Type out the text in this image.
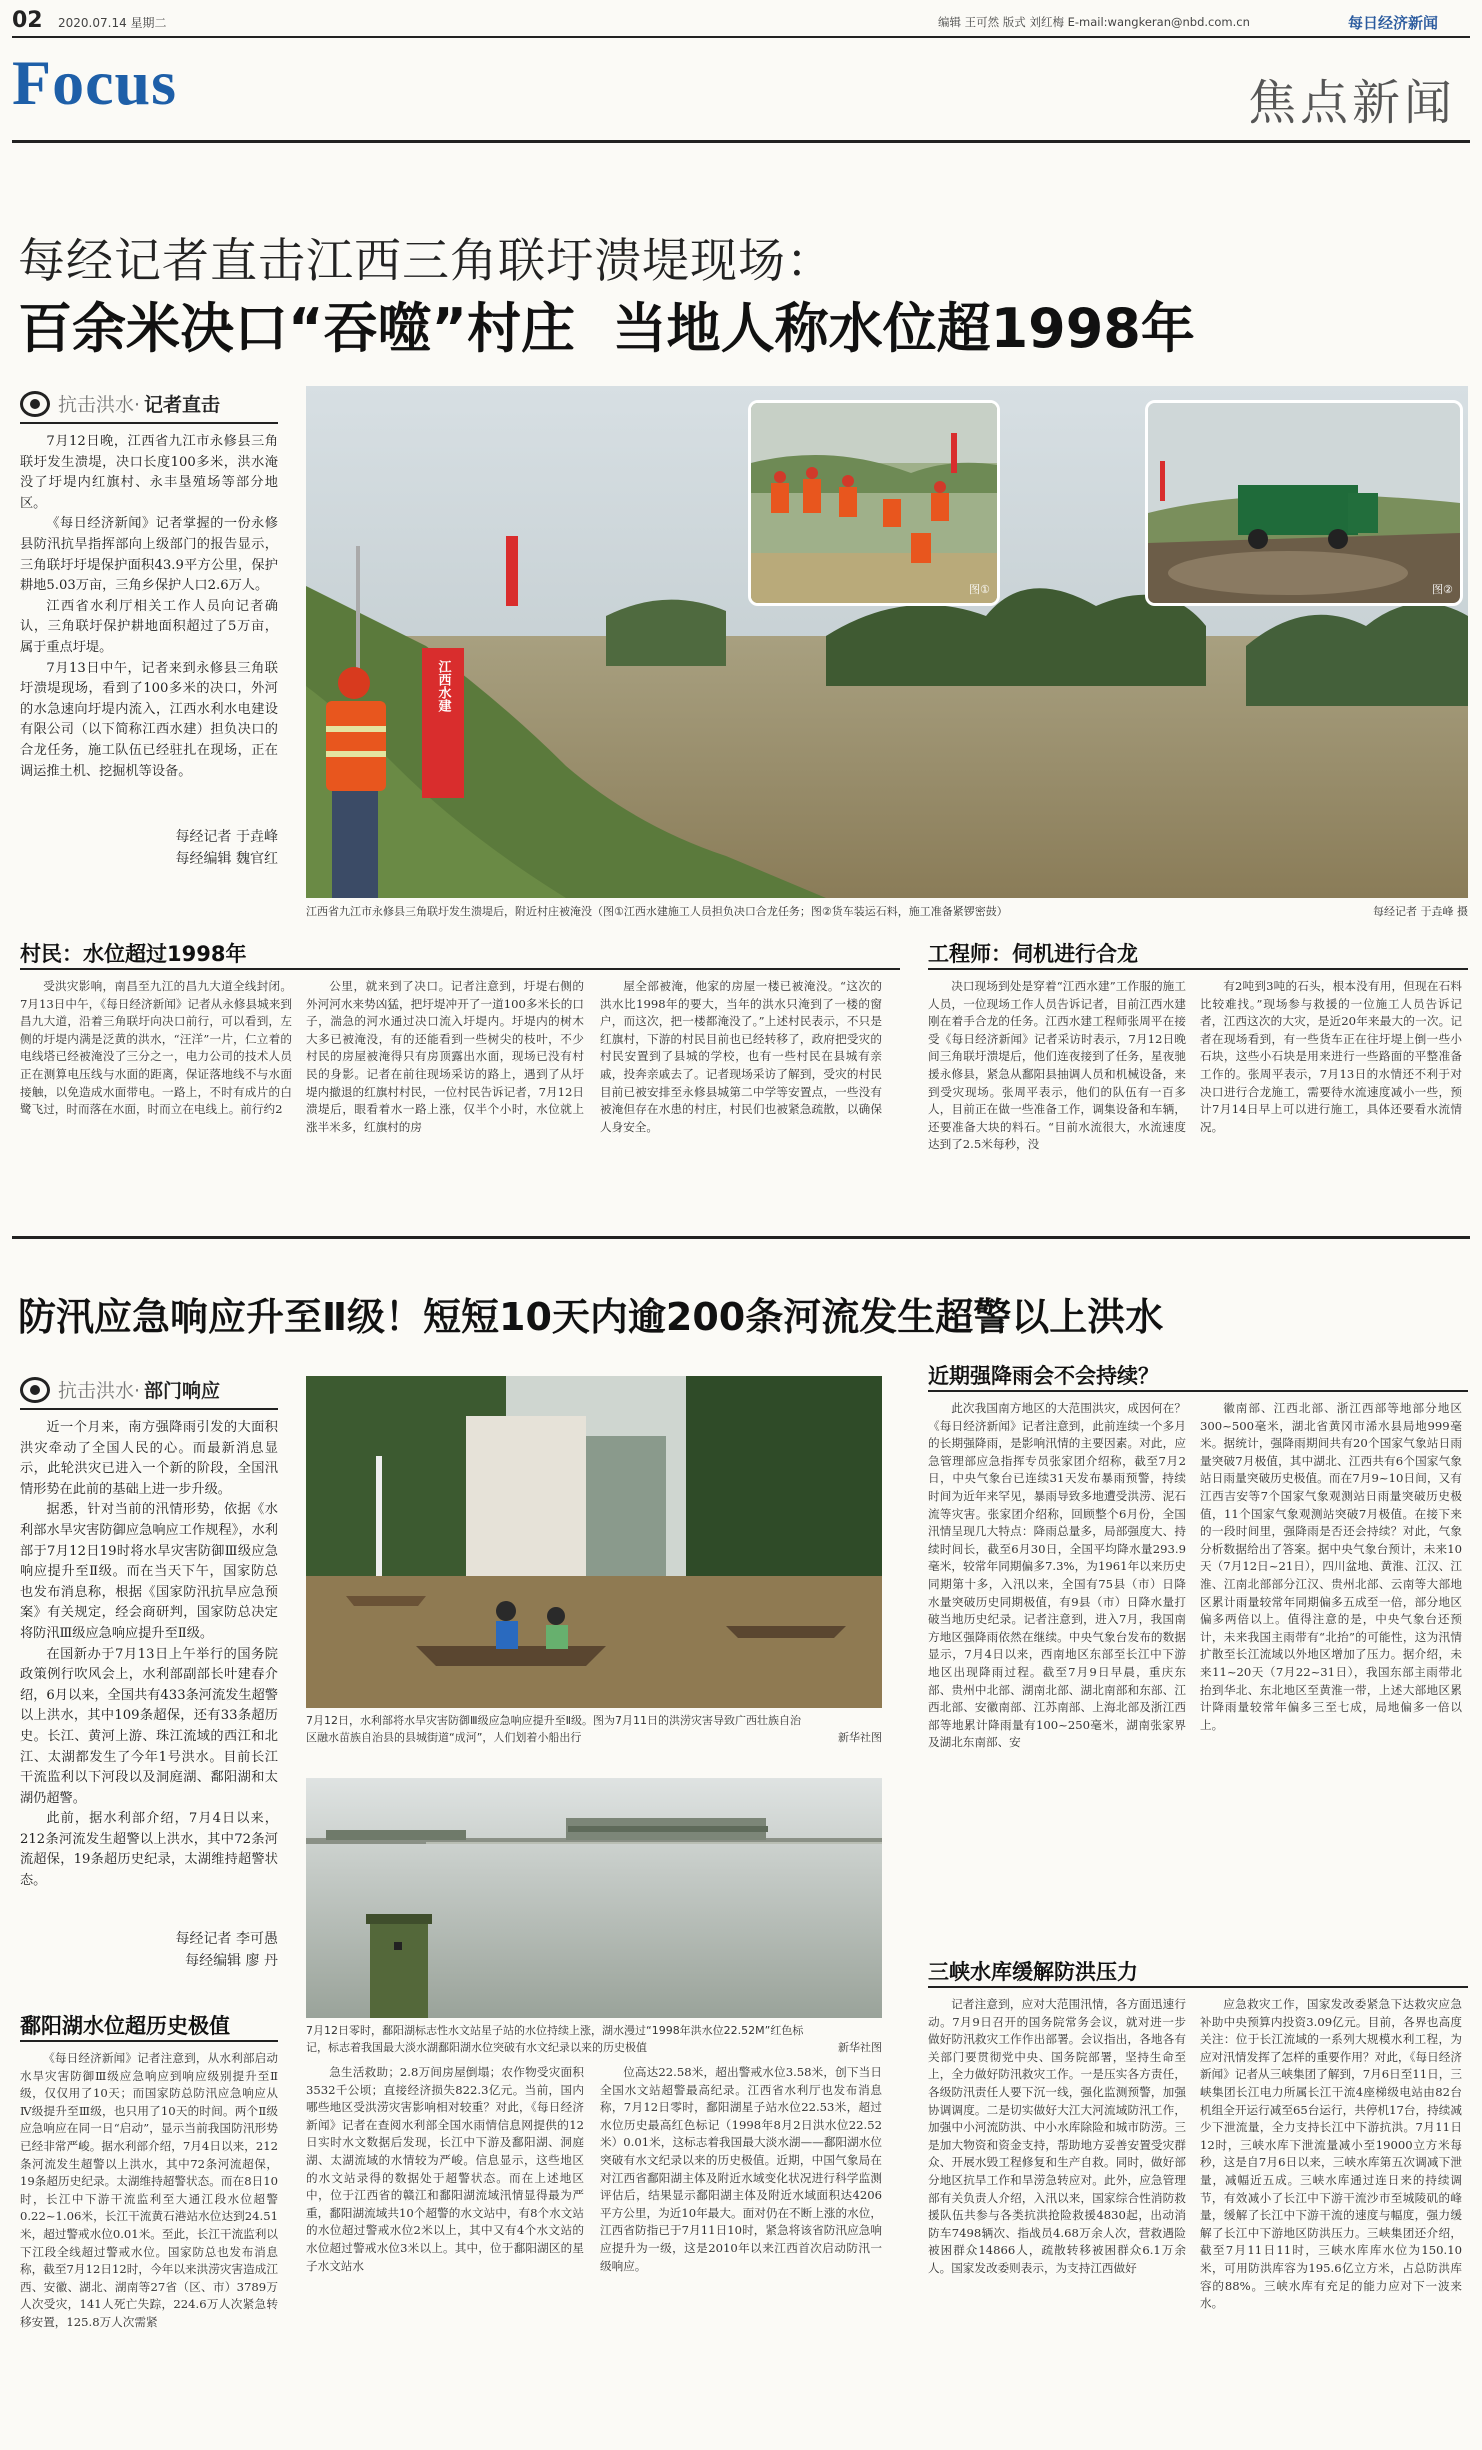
02 2020.07.14 星期二	编辑 王可然 版式 刘红梅 E-mail:wangkeran@nbd.com.cn	每日经济新闻
Focus	焦点新闻
每经记者直击江西三角联圩溃堤现场：
百余米决口“吞噬”村庄  当地人称水位超1998年
抗击洪水· 记者直击

7月12日晚，江西省九江市永修县三角联圩发生溃堤，决口长度100多米，洪水淹没了圩堤内红旗村、永丰垦殖场等部分地区。

《每日经济新闻》记者掌握的一份永修县防汛抗旱指挥部向上级部门的报告显示，三角联圩圩堤保护面积43.9平方公里，保护耕地5.03万亩，三角乡保护人口2.6万人。

江西省水利厅相关工作人员向记者确认，三角联圩保护耕地面积超过了5万亩，属于重点圩堤。

7月13日中午，记者来到永修县三角联圩溃堤现场，看到了100多米的决口，外河的水急速向圩堤内流入，江西水利水电建设有限公司（以下简称江西水建）担负决口的合龙任务，施工队伍已经驻扎在现场，正在调运推土机、挖掘机等设备。

每经记者 于垚峰
每经编辑 魏官红
江西水建
图①	图②
江西省九江市永修县三角联圩发生溃堤后，附近村庄被淹没（图①江西水建施工人员担负决口合龙任务；图②货车装运石料，施工准备紧锣密鼓）	每经记者 于垚峰 摄
村民：水位超过1998年

受洪灾影响，南昌至九江的昌九大道全线封闭。7月13日中午，《每日经济新闻》记者从永修县城来到昌九大道，沿着三角联圩向决口前行，可以看到，左侧的圩堤内满是泛黄的洪水，“汪洋”一片，仁立着的电线塔已经被淹没了三分之一，电力公司的技术人员正在测算电压线与水面的距离，保证落地线不与水面接触，以免造成水面带电。一路上，不时有成片的白鹭飞过，时而落在水面，时而立在电线上。前行约2

公里，就来到了决口。记者注意到，圩堤右侧的外河河水来势凶猛，把圩堤冲开了一道100多米长的口子，湍急的河水通过决口流入圩堤内。圩堤内的树木大多已被淹没，有的还能看到一些树尖的枝叶，不少村民的房屋被淹得只有房顶露出水面，现场已没有村民的身影。记者在前往现场采访的路上，遇到了从圩堤内撤退的红旗村村民，一位村民告诉记者，7月12日溃堤后，眼看着水一路上涨，仅半个小时，水位就上涨半米多，红旗村的房

屋全部被淹，他家的房屋一楼已被淹没。“这次的洪水比1998年的要大，当年的洪水只淹到了一楼的窗户，而这次，把一楼都淹没了。”上述村民表示，不只是红旗村，下游的村民目前也已经转移了，政府把受灾的村民安置到了县城的学校，也有一些村民在县城有亲戚，投奔亲戚去了。记者现场采访了解到，受灾的村民目前已被安排至永修县城第二中学等安置点，一些没有被淹但存在水患的村庄，村民们也被紧急疏散，以确保人身安全。

工程师：伺机进行合龙

决口现场到处是穿着“江西水建”工作服的施工人员，一位现场工作人员告诉记者，目前江西水建刚在着手合龙的任务。江西水建工程师张周平在接受《每日经济新闻》记者采访时表示，7月12日晚间三角联圩溃堤后，他们连夜接到了任务，星夜驰援永修县，紧急从鄱阳县抽调人员和机械设备，来到受灾现场。张周平表示，他们的队伍有一百多人，目前正在做一些准备工作，调集设备和车辆，还要准备大块的料石。“目前水流很大，水流速度达到了2.5米每秒，没

有2吨到3吨的石头，根本没有用，但现在石料比较难找。”现场参与救援的一位施工人员告诉记者，江西这次的大灾，是近20年来最大的一次。记者在现场看到，有一些货车正在往圩堤上倒一些小石块，这些小石块是用来进行一些路面的平整准备工作的。张周平表示，7月13日的水情还不利于对决口进行合龙施工，需要待水流速度减小一些，预计7月14日早上可以进行施工，具体还要看水流情况。

防汛应急响应升至Ⅱ级！短短10天内逾200条河流发生超警以上洪水
抗击洪水· 部门响应

近一个月来，南方强降雨引发的大面积洪灾牵动了全国人民的心。而最新消息显示，此轮洪灾已进入一个新的阶段，全国汛情形势在此前的基础上进一步升级。

据悉，针对当前的汛情形势，依据《水利部水旱灾害防御应急响应工作规程》，水利部于7月12日19时将水旱灾害防御Ⅲ级应急响应提升至Ⅱ级。而在当天下午，国家防总也发布消息称，根据《国家防汛抗旱应急预案》有关规定，经会商研判，国家防总决定将防汛Ⅲ级应急响应提升至Ⅱ级。

在国新办于7月13日上午举行的国务院政策例行吹风会上，水利部副部长叶建春介绍，6月以来，全国共有433条河流发生超警以上洪水，其中109条超保，还有33条超历史。长江、黄河上游、珠江流域的西江和北江、太湖都发生了今年1号洪水。目前长江干流监利以下河段以及洞庭湖、鄱阳湖和太湖仍超警。

此前，据水利部介绍，7月4日以来，212条河流发生超警以上洪水，其中72条河流超保，19条超历史纪录，太湖维持超警状态。

每经记者 李可愚
每经编辑 廖 丹
7月12日，水利部将水旱灾害防御Ⅲ级应急响应提升至Ⅱ级。图为7月11日的洪涝灾害导致广西壮族自治区融水苗族自治县的县城街道“成河”，人们划着小船出行	新华社图
7月12日零时，鄱阳湖标志性水文站星子站的水位持续上涨，湖水漫过“1998年洪水位22.52M”红色标记，标志着我国最大淡水湖鄱阳湖水位突破有水文纪录以来的历史极值	新华社图
鄱阳湖水位超历史极值

《每日经济新闻》记者注意到，从水利部启动水旱灾害防御Ⅲ级应急响应到响应级别提升至Ⅱ级，仅仅用了10天；而国家防总防汛应急响应从Ⅳ级提升至Ⅲ级，也只用了10天的时间。两个Ⅱ级应急响应在同一日“启动”，显示当前我国防汛形势已经非常严峻。据水利部介绍，7月4日以来，212条河流发生超警以上洪水，其中72条河流超保，19条超历史纪录。太湖维持超警状态。而在8日10时，长江中下游干流监利至大通江段水位超警0.22~1.06米，长江干流黄石港站水位达到24.51米，超过警戒水位0.01米。至此，长江干流监利以下江段全线超过警戒水位。国家防总也发布消息称，截至7月12日12时，今年以来洪涝灾害造成江西、安徽、湖北、湖南等27省（区、市）3789万人次受灾，141人死亡失踪，224.6万人次紧急转移安置，125.8万人次需紧

急生活救助；2.8万间房屋倒塌；农作物受灾面积3532千公顷；直接经济损失822.3亿元。当前，国内哪些地区受洪涝灾害影响相对较重？对此，《每日经济新闻》记者在查阅水利部全国水雨情信息网提供的12日实时水文数据后发现，长江中下游及鄱阳湖、洞庭湖、太湖流域的水情较为严峻。信息显示，这些地区的水文站录得的数据处于超警状态。而在上述地区中，位于江西省的赣江和鄱阳湖流域汛情显得最为严重，鄱阳湖流域共10个超警的水文站中，有8个水文站的水位超过警戒水位2米以上，其中又有4个水文站的水位超过警戒水位3米以上。其中，位于鄱阳湖区的星子水文站水

位高达22.58米，超出警戒水位3.58米，创下当日全国水文站超警最高纪录。江西省水利厅也发布消息称，7月12日零时，鄱阳湖星子站水位22.53米，超过水位历史最高红色标记（1998年8月2日洪水位22.52米）0.01米，这标志着我国最大淡水湖——鄱阳湖水位突破有水文纪录以来的历史极值。近期，中国气象局在对江西省鄱阳湖主体及附近水域变化状况进行科学监测评估后，结果显示鄱阳湖主体及附近水域面积达4206平方公里，为近10年最大。面对仍在不断上涨的水位，江西省防指已于7月11日10时，紧急将该省防汛应急响应提升为一级，这是2010年以来江西首次启动防汛一级响应。

近期强降雨会不会持续？

此次我国南方地区的大范围洪灾，成因何在？《每日经济新闻》记者注意到，此前连续一个多月的长期强降雨，是影响汛情的主要因素。对此，应急管理部应急指挥专员张家团介绍称，截至7月2日，中央气象台已连续31天发布暴雨预警，持续时间为近年来罕见，暴雨导致多地遭受洪涝、泥石流等灾害。张家团介绍称，回顾整个6月份，全国汛情呈现几大特点：降雨总量多，局部强度大、持续时间长，截至6月30日，全国平均降水量293.9毫米，较常年同期偏多7.3%，为1961年以来历史同期第十多，入汛以来，全国有75县（市）日降水量突破历史同期极值，有9县（市）日降水量打破当地历史纪录。记者注意到，进入7月，我国南方地区强降雨依然在继续。中央气象台发布的数据显示，7月4日以来，西南地区东部至长江中下游地区出现降雨过程。截至7月9日早晨，重庆东部、贵州中北部、湖南北部、湖北南部和东部、江西北部、安徽南部、江苏南部、上海北部及浙江西部等地累计降雨量有100~250毫米，湖南张家界及湖北东南部、安

徽南部、江西北部、浙江西部等地部分地区300~500毫米，湖北省黄冈市浠水县局地999毫米。据统计，强降雨期间共有20个国家气象站日雨量突破7月极值，其中湖北、江西共有6个国家气象站日雨量突破历史极值。而在7月9~10日间，又有江西吉安等7个国家气象观测站日雨量突破历史极值，11个国家气象观测站突破7月极值。在接下来的一段时间里，强降雨是否还会持续？对此，气象分析数据给出了答案。据中央气象台预计，未来10天（7月12日~21日），四川盆地、黄淮、江汉、江淮、江南北部部分江汉、贵州北部、云南等大部地区累计雨量较常年同期偏多五成至一倍，部分地区偏多两倍以上。值得注意的是，中央气象台还预计，未来我国主雨带有“北抬”的可能性，这为汛情扩散至长江流域以外地区增加了压力。据介绍，未来11~20天（7月22~31日），我国东部主雨带北抬到华北、东北地区至黄淮一带，上述大部地区累计降雨量较常年偏多三至七成，局地偏多一倍以上。

三峡水库缓解防洪压力

记者注意到，应对大范围汛情，各方面迅速行动。7月9日召开的国务院常务会议，就对进一步做好防汛救灾工作作出部署。会议指出，各地各有关部门要贯彻党中央、国务院部署，坚持生命至上，全力做好防汛救灾工作。一是压实各方责任，各级防汛责任人要下沉一线，强化监测预警，加强协调调度。二是切实做好大江大河流域防汛工作，加强中小河流防洪、中小水库除险和城市防涝。三是加大物资和资金支持，帮助地方妥善安置受灾群众、开展水毁工程修复和生产自救。同时，做好部分地区抗旱工作和旱涝急转应对。此外，应急管理部有关负责人介绍，入汛以来，国家综合性消防救援队伍共参与各类抗洪抢险救援4830起，出动消防车7498辆次、指战员4.68万余人次，营救遇险被困群众14866人，疏散转移被困群众6.1万余人。国家发改委则表示，为支持江西做好

应急救灾工作，国家发改委紧急下达救灾应急补助中央预算内投资3.09亿元。目前，各界也高度关注：位于长江流域的一系列大规模水利工程，为应对汛情发挥了怎样的重要作用？对此，《每日经济新闻》记者从三峡集团了解到，7月6日至11日，三峡集团长江电力所属长江干流4座梯级电站由82台机组全开运行减至65台运行，共停机17台，持续减少下泄流量，全力支持长江中下游抗洪。7月11日12时，三峡水库下泄流量减小至19000立方米每秒，这是自7月6日以来，三峡水库第五次调减下泄量，减幅近五成。三峡水库通过连日来的持续调节，有效减小了长江中下游干流沙市至城陵矶的峰量，缓解了长江中下游干流的速度与幅度，强力缓解了长江中下游地区防洪压力。三峡集团还介绍，截至7月11日11时，三峡水库库水位为150.10米，可用防洪库容为195.6亿立方米，占总防洪库容的88%。三峡水库有充足的能力应对下一波来水。
